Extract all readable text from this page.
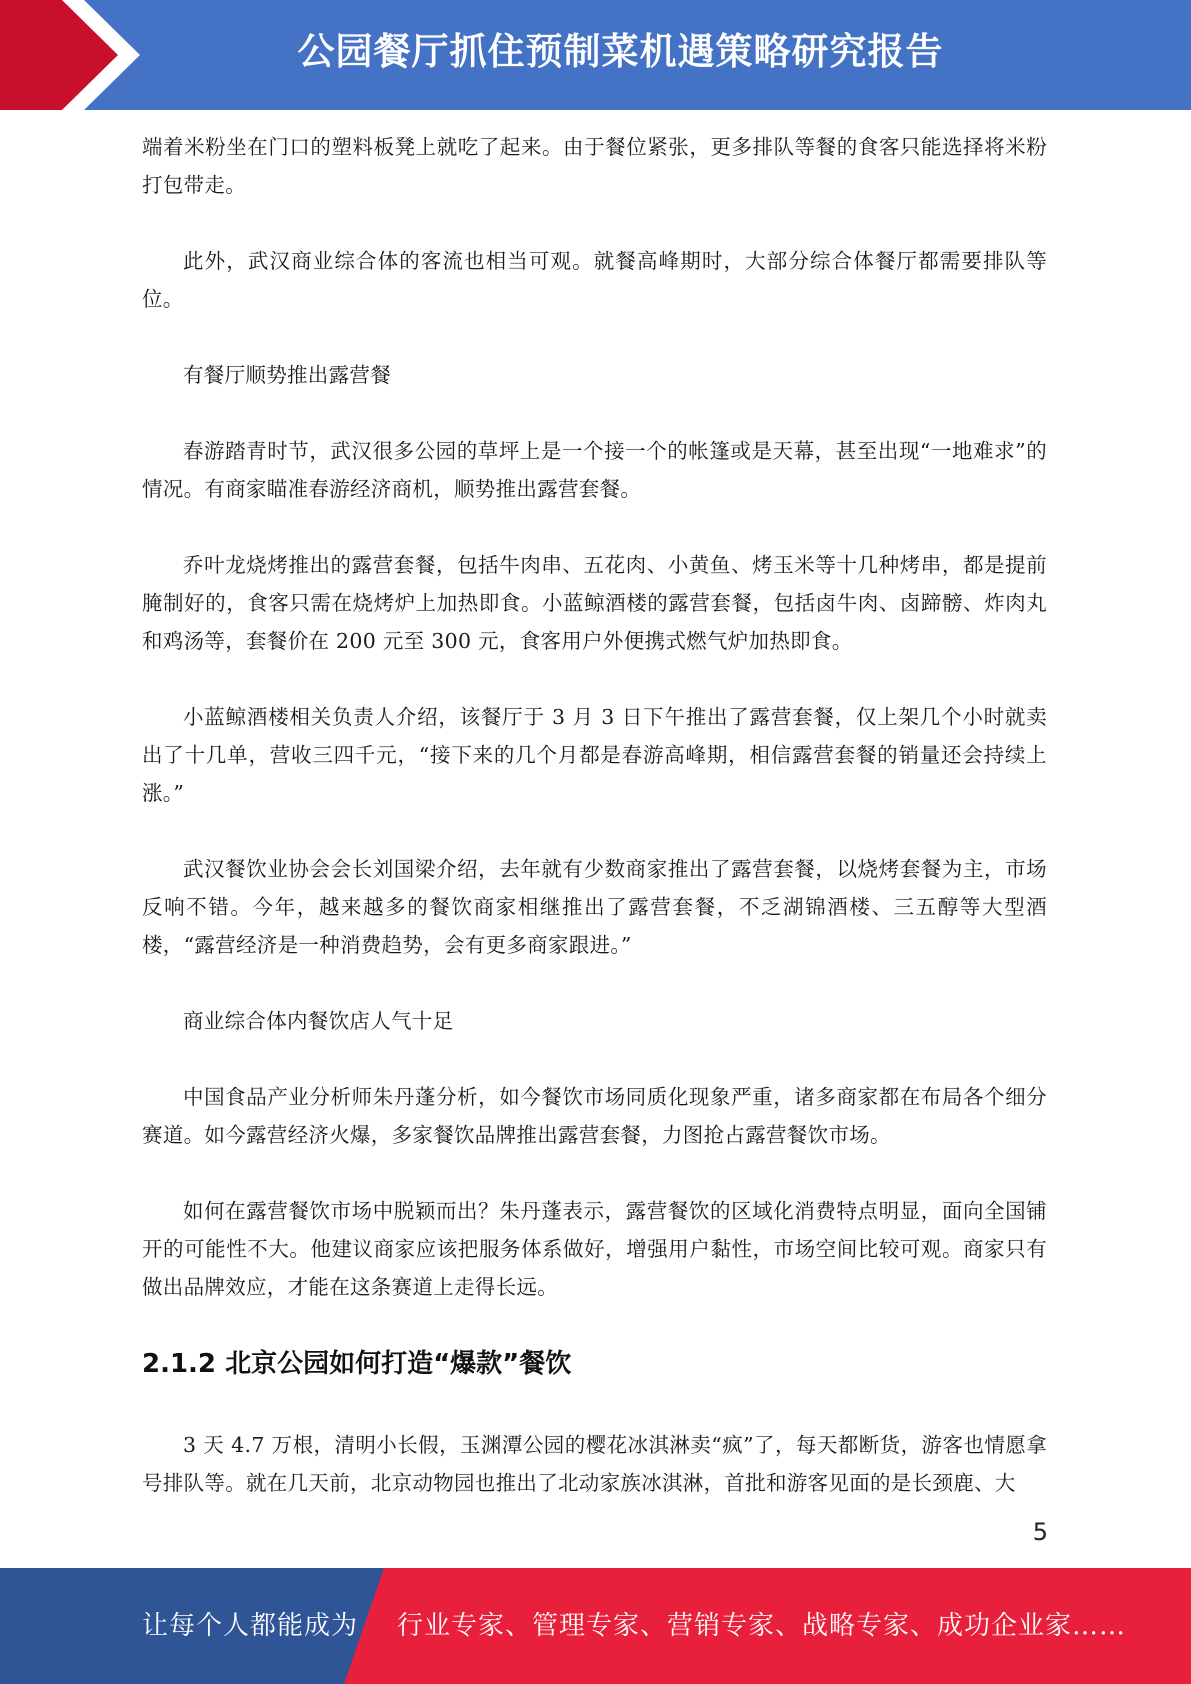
公园餐厅抓住预制菜机遇策略研究报告

端着米粉坐在门口的塑料板凳上就吃了起来。由于餐位紧张，更多排队等餐的食客只能选择将米粉打包带走。

此外，武汉商业综合体的客流也相当可观。就餐高峰期时，大部分综合体餐厅都需要排队等位。

有餐厅顺势推出露营餐

春游踏青时节，武汉很多公园的草坪上是一个接一个的帐篷或是天幕，甚至出现“一地难求”的情况。有商家瞄准春游经济商机，顺势推出露营套餐。

乔叶龙烧烤推出的露营套餐，包括牛肉串、五花肉、小黄鱼、烤玉米等十几种烤串，都是提前腌制好的，食客只需在烧烤炉上加热即食。小蓝鲸酒楼的露营套餐，包括卤牛肉、卤蹄髈、炸肉丸和鸡汤等，套餐价在 200 元至 300 元，食客用户外便携式燃气炉加热即食。

小蓝鲸酒楼相关负责人介绍，该餐厅于 3 月 3 日下午推出了露营套餐，仅上架几个小时就卖出了十几单，营收三四千元，“接下来的几个月都是春游高峰期，相信露营套餐的销量还会持续上涨。”

武汉餐饮业协会会长刘国梁介绍，去年就有少数商家推出了露营套餐，以烧烤套餐为主，市场反响不错。今年，越来越多的餐饮商家相继推出了露营套餐，不乏湖锦酒楼、三五醇等大型酒楼，“露营经济是一种消费趋势，会有更多商家跟进。”

商业综合体内餐饮店人气十足

中国食品产业分析师朱丹蓬分析，如今餐饮市场同质化现象严重，诸多商家都在布局各个细分赛道。如今露营经济火爆，多家餐饮品牌推出露营套餐，力图抢占露营餐饮市场。

如何在露营餐饮市场中脱颖而出？朱丹蓬表示，露营餐饮的区域化消费特点明显，面向全国铺开的可能性不大。他建议商家应该把服务体系做好，增强用户黏性，市场空间比较可观。商家只有做出品牌效应，才能在这条赛道上走得长远。

2.1.2 北京公园如何打造“爆款”餐饮

3 天 4.7 万根，清明小长假，玉渊潭公园的樱花冰淇淋卖“疯”了，每天都断货，游客也情愿拿号排队等。就在几天前，北京动物园也推出了北动家族冰淇淋，首批和游客见面的是长颈鹿、大

5
让每个人都能成为 行业专家、管理专家、营销专家、战略专家、成功企业家……
